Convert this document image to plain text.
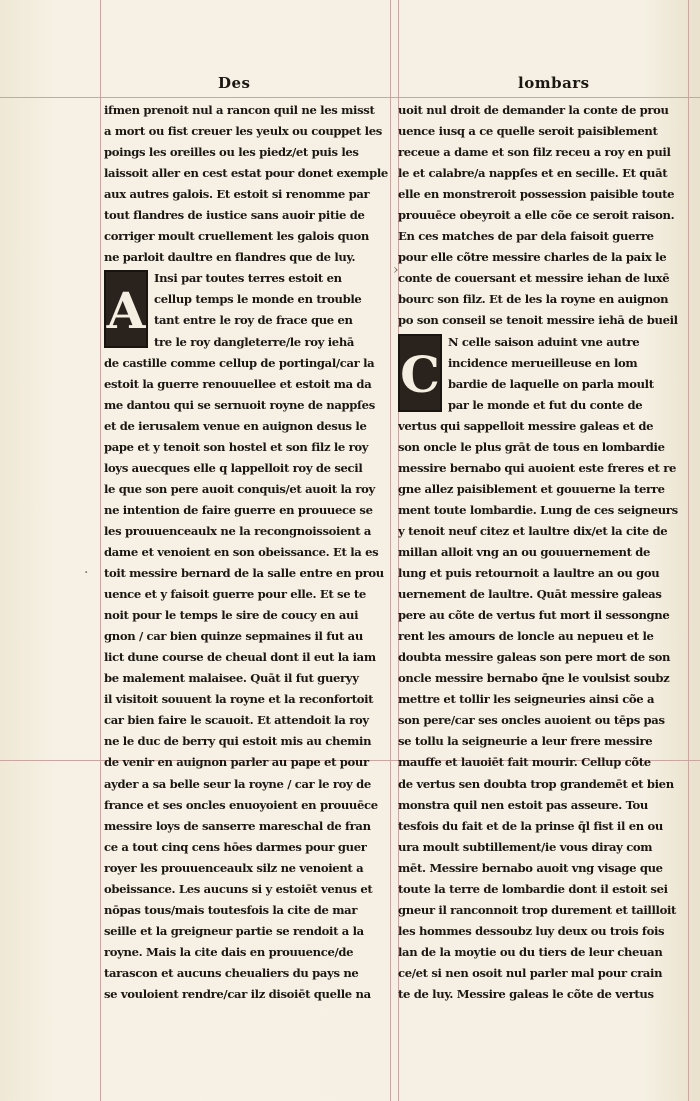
Des	lombars
ifmen prenoit nul a rancon quil ne les misst
a mort ou fist creuer les yeulx ou couppet les
poings les oreilles ou les piedz/et puis les
laissoit aller en cest estat pour donet exemple
aux autres galois. Et estoit si renomme par
tout flandres de iustice sans auoir pitie de
corriger moult cruellement les galois quon
ne parloit daultre en flandres que de luy.
A
Insi par toutes terres estoit en
cellup temps le monde en trouble
tant entre le roy de frace que en
tre le roy dangleterre/le roy iehā
de castille comme cellup de portingal/car la
estoit la guerre renouuellee et estoit ma da
me dantou qui se sernuoit royne de nappſes
et de ierusalem venue en auignon desus le
pape et y tenoit son hostel et son filz le roy
loys auecques elle q lappelloit roy de secil
le que son pere auoit conquis/et auoit la roy
ne intention de faire guerre en prouuece se
les prouuenceaulx ne la recongnoissoient a
dame et venoient en son obeissance. Et la es
toit messire bernard de la salle entre en prou
uence et y faisoit guerre pour elle. Et se te
noit pour le temps le sire de coucy en aui
gnon / car bien quinze sepmaines il fut au
lict dune course de cheual dont il eut la iam
be malement malaisee. Quāt il fut gueryy
il visitoit souuent la royne et la reconfortoit
car bien faire le scauoit. Et attendoit la roy
ne le duc de berry qui estoit mis au chemin
de venir en auignon parler au pape et pour
ayder a sa belle seur la royne / car le roy de
france et ses oncles enuoyoient en prouuēce
messire loys de sanserre mareschal de fran
ce a tout cinq cens hōes darmes pour guer
royer les prouuenceaulx silz ne venoient a
obeissance. Les aucuns si y estoiēt venus et
nōpas tous/mais toutesfois la cite de mar
seille et la greigneur partie se rendoit a la
royne. Mais la cite dais en prouuence/de
tarascon et aucuns cheualiers du pays ne
se vouloient rendre/car ilz disoiēt quelle na
uoit nul droit de demander la conte de prou
uence iusq a ce quelle seroit paisiblement
receue a dame et son filz receu a roy en puil
le et calabre/a nappſes et en secille. Et quāt
elle en monstreroit possession paisible toute
prouuēce obeyroit a elle cõe ce seroit raison.
En ces matches de par dela faisoit guerre
pour elle cõtre messire charles de la paix le
conte de couersant et messire iehan de luxē
bourc son filz. Et de les la royne en auignon
po son conseil se tenoit messire iehā de bueil
C
N celle saison aduint vne autre
incidence merueilleuse en lom
bardie de laquelle on parla moult
par le monde et fut du conte de
vertus qui sappelloit messire galeas et de
son oncle le plus grāt de tous en lombardie
messire bernabo qui auoient este freres et re
gne allez paisiblement et gouuerne la terre
ment toute lombardie. Lung de ces seigneurs
y tenoit neuf citez et laultre dix/et la cite de
millan alloit vng an ou gouuernement de
lung et puis retournoit a laultre an ou gou
uernement de laultre. Quāt messire galeas
pere au cõte de vertus fut mort il sessongne
rent les amours de loncle au nepueu et le
doubta messire galeas son pere mort de son
oncle messire bernabo q̄ne le voulsist soubz
mettre et tollir les seigneuries ainsi cõe a
son pere/car ses oncles auoient ou tēps pas
se tollu la seigneurie a leur frere messire
mauffe et lauoiēt fait mourir. Cellup cõte
de vertus sen doubta trop grandemēt et bien
monstra quil nen estoit pas asseure. Tou
tesfois du fait et de la prinse q̄l fist il en ou
ura moult subtillement/ie vous diray com
mēt. Messire bernabo auoit vng visage que
toute la terre de lombardie dont il estoit sei
gneur il ranconnoit trop durement et taillloit
les hommes dessoubz luy deux ou trois fois
lan de la moytie ou du tiers de leur cheuan
ce/et si nen osoit nul parler mal pour crain
te de luy. Messire galeas le cõte de vertus
·
›
